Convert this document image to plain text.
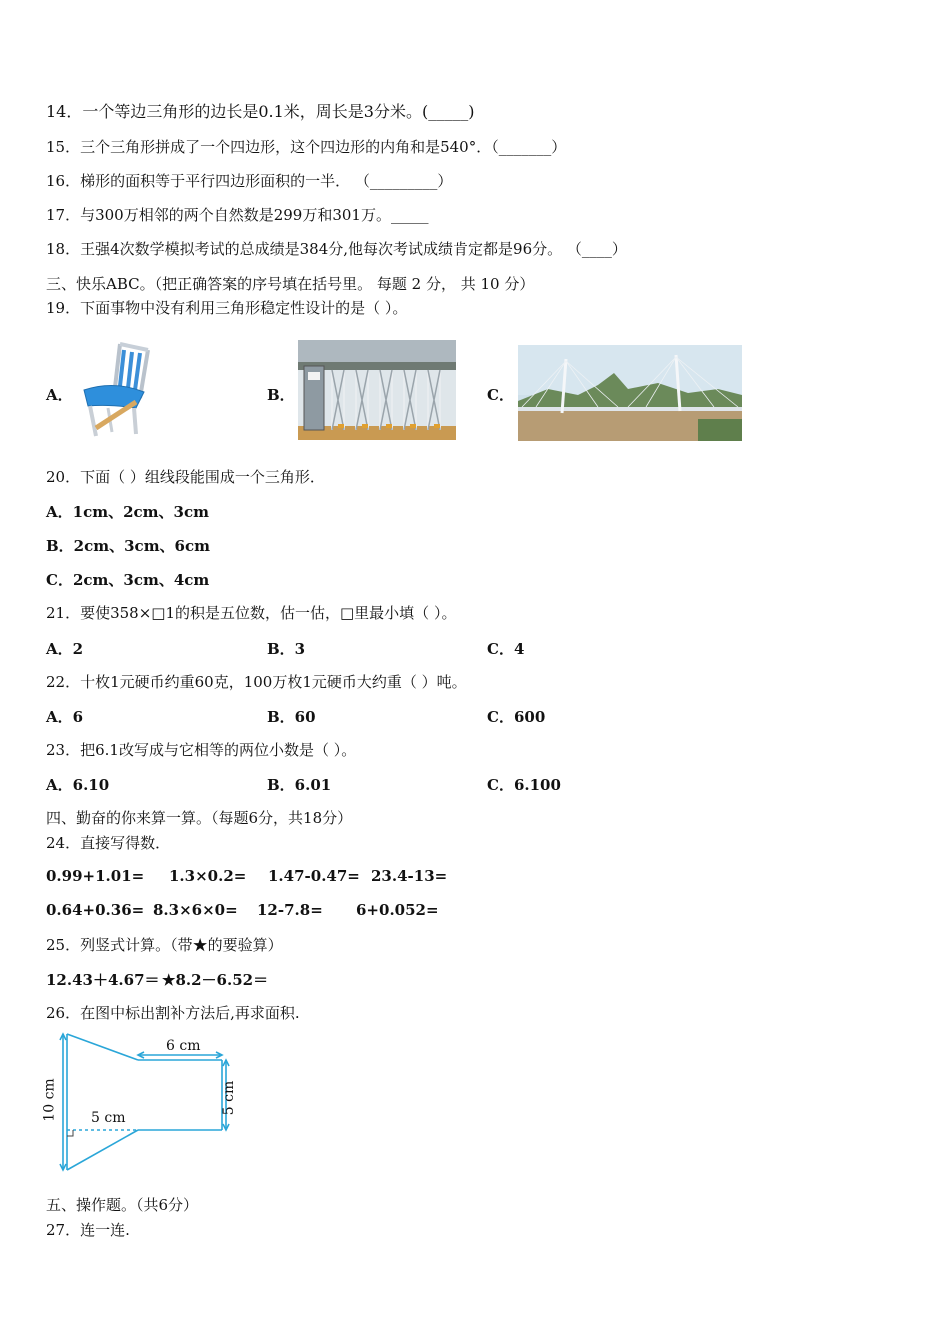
14．一个等边三角形的边长是0.1米，周长是3分米。(_____)
15．三个三角形拼成了一个四边形，这个四边形的内角和是540°．（_______）
16．梯形的面积等于平行四边形面积的一半． （_________）
17．与300万相邻的两个自然数是299万和301万。_____
18．王强4次数学模拟考试的总成绩是384分,他每次考试成绩肯定都是96分。 （____）
三、快乐ABC。（把正确答案的序号填在括号里。 每题 2 分， 共 10 分）
19．下面事物中没有利用三角形稳定性设计的是（ ）。
A．	B．	C．
20．下面（ ）组线段能围成一个三角形．
A．1cm、2cm、3cm
B．2cm、3cm、6cm
C．2cm、3cm、4cm
21．要使358×□1的积是五位数，估一估，□里最小填（ ）。
A．2	B．3	C．4
22．十枚1元硬币约重60克，100万枚1元硬币大约重（ ）吨。
A．6	B．60	C．600
23．把6.1改写成与它相等的两位小数是（ ）。
A．6.10	B．6.01	C．6.100
四、勤奋的你来算一算。（每题6分，共18分）
24．直接写得数．
0.99+1.01= 1.3×0.2= 1.47-0.47= 23.4-13=
0.64+0.36= 8.3×6×0= 12-7.8= 6+0.052=
25．列竖式计算。（带★的要验算）
12.43＋4.67＝ ★8.2－6.52＝
26．在图中标出割补方法后,再求面积.
6 cm
5 cm
5 cm
10 cm
五、操作题。（共6分）
27．连一连.
